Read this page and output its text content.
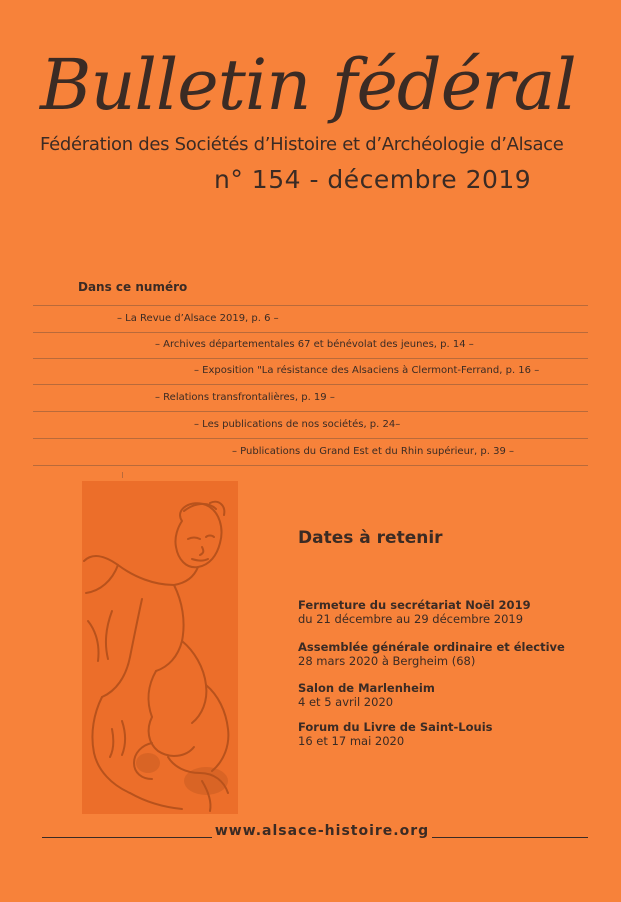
Bulletin fédéral
Fédération des Sociétés d’Histoire et d’Archéologie d’Alsace
n° 154 - décembre 2019
Dans ce numéro
– La Revue d’Alsace 2019, p. 6 –
– Archives départementales 67 et bénévolat des jeunes, p. 14 –
– Exposition "La résistance des Alsaciens à Clermont-Ferrand, p. 16 –
– Relations transfrontalières, p. 19 –
– Les publications de nos sociétés, p. 24–
– Publications du Grand Est et du Rhin supérieur, p. 39 –
Dates à retenir
Fermeture du secrétariat Noël 2019
du 21 décembre au 29 décembre 2019
Assemblée générale ordinaire et élective
28 mars 2020 à Bergheim (68)
Salon de Marlenheim
4 et 5 avril 2020
Forum du Livre de Saint-Louis
16 et 17 mai 2020
www.alsace-histoire.org
